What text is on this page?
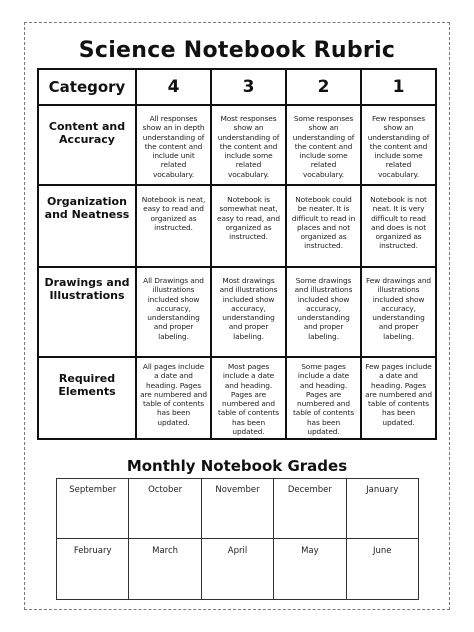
Science Notebook Rubric
Category	4	3	2	1
Content and Accuracy	All responses show an in depth understanding of the content and include unit related vocabulary.	Most responses show an understanding of the content and include some related vocabulary.	Some responses show an understanding of the content and include some related vocabulary.	Few responses show an understanding of the content and include some related vocabulary.
Organization and Neatness	Notebook is neat, easy to read and organized as instructed.	Notebook is somewhat neat, easy to read, and organized as instructed.	Notebook could be neater. It is difficult to read in places and not organized as instructed.	Notebook is not neat. It is very difficult to read and does is not organized as instructed.
Drawings and Illustrations	All Drawings and illustrations included show accuracy, understanding and proper labeling.	Most drawings and illustrations included show accuracy, understanding and proper labeling.	Some drawings and illustrations included show accuracy, understanding and proper labeling.	Few drawings and illustrations included show accuracy, understanding and proper labeling.
Required Elements	All pages include a date and heading. Pages are numbered and table of contents has been updated.	Most pages include a date and heading. Pages are numbered and table of contents has been updated.	Some pages include a date and heading. Pages are numbered and table of contents has been updated.	Few pages include a date and heading. Pages are numbered and table of contents has been updated.
Monthly Notebook Grades
September	October	November	December	January
February	March	April	May	June
